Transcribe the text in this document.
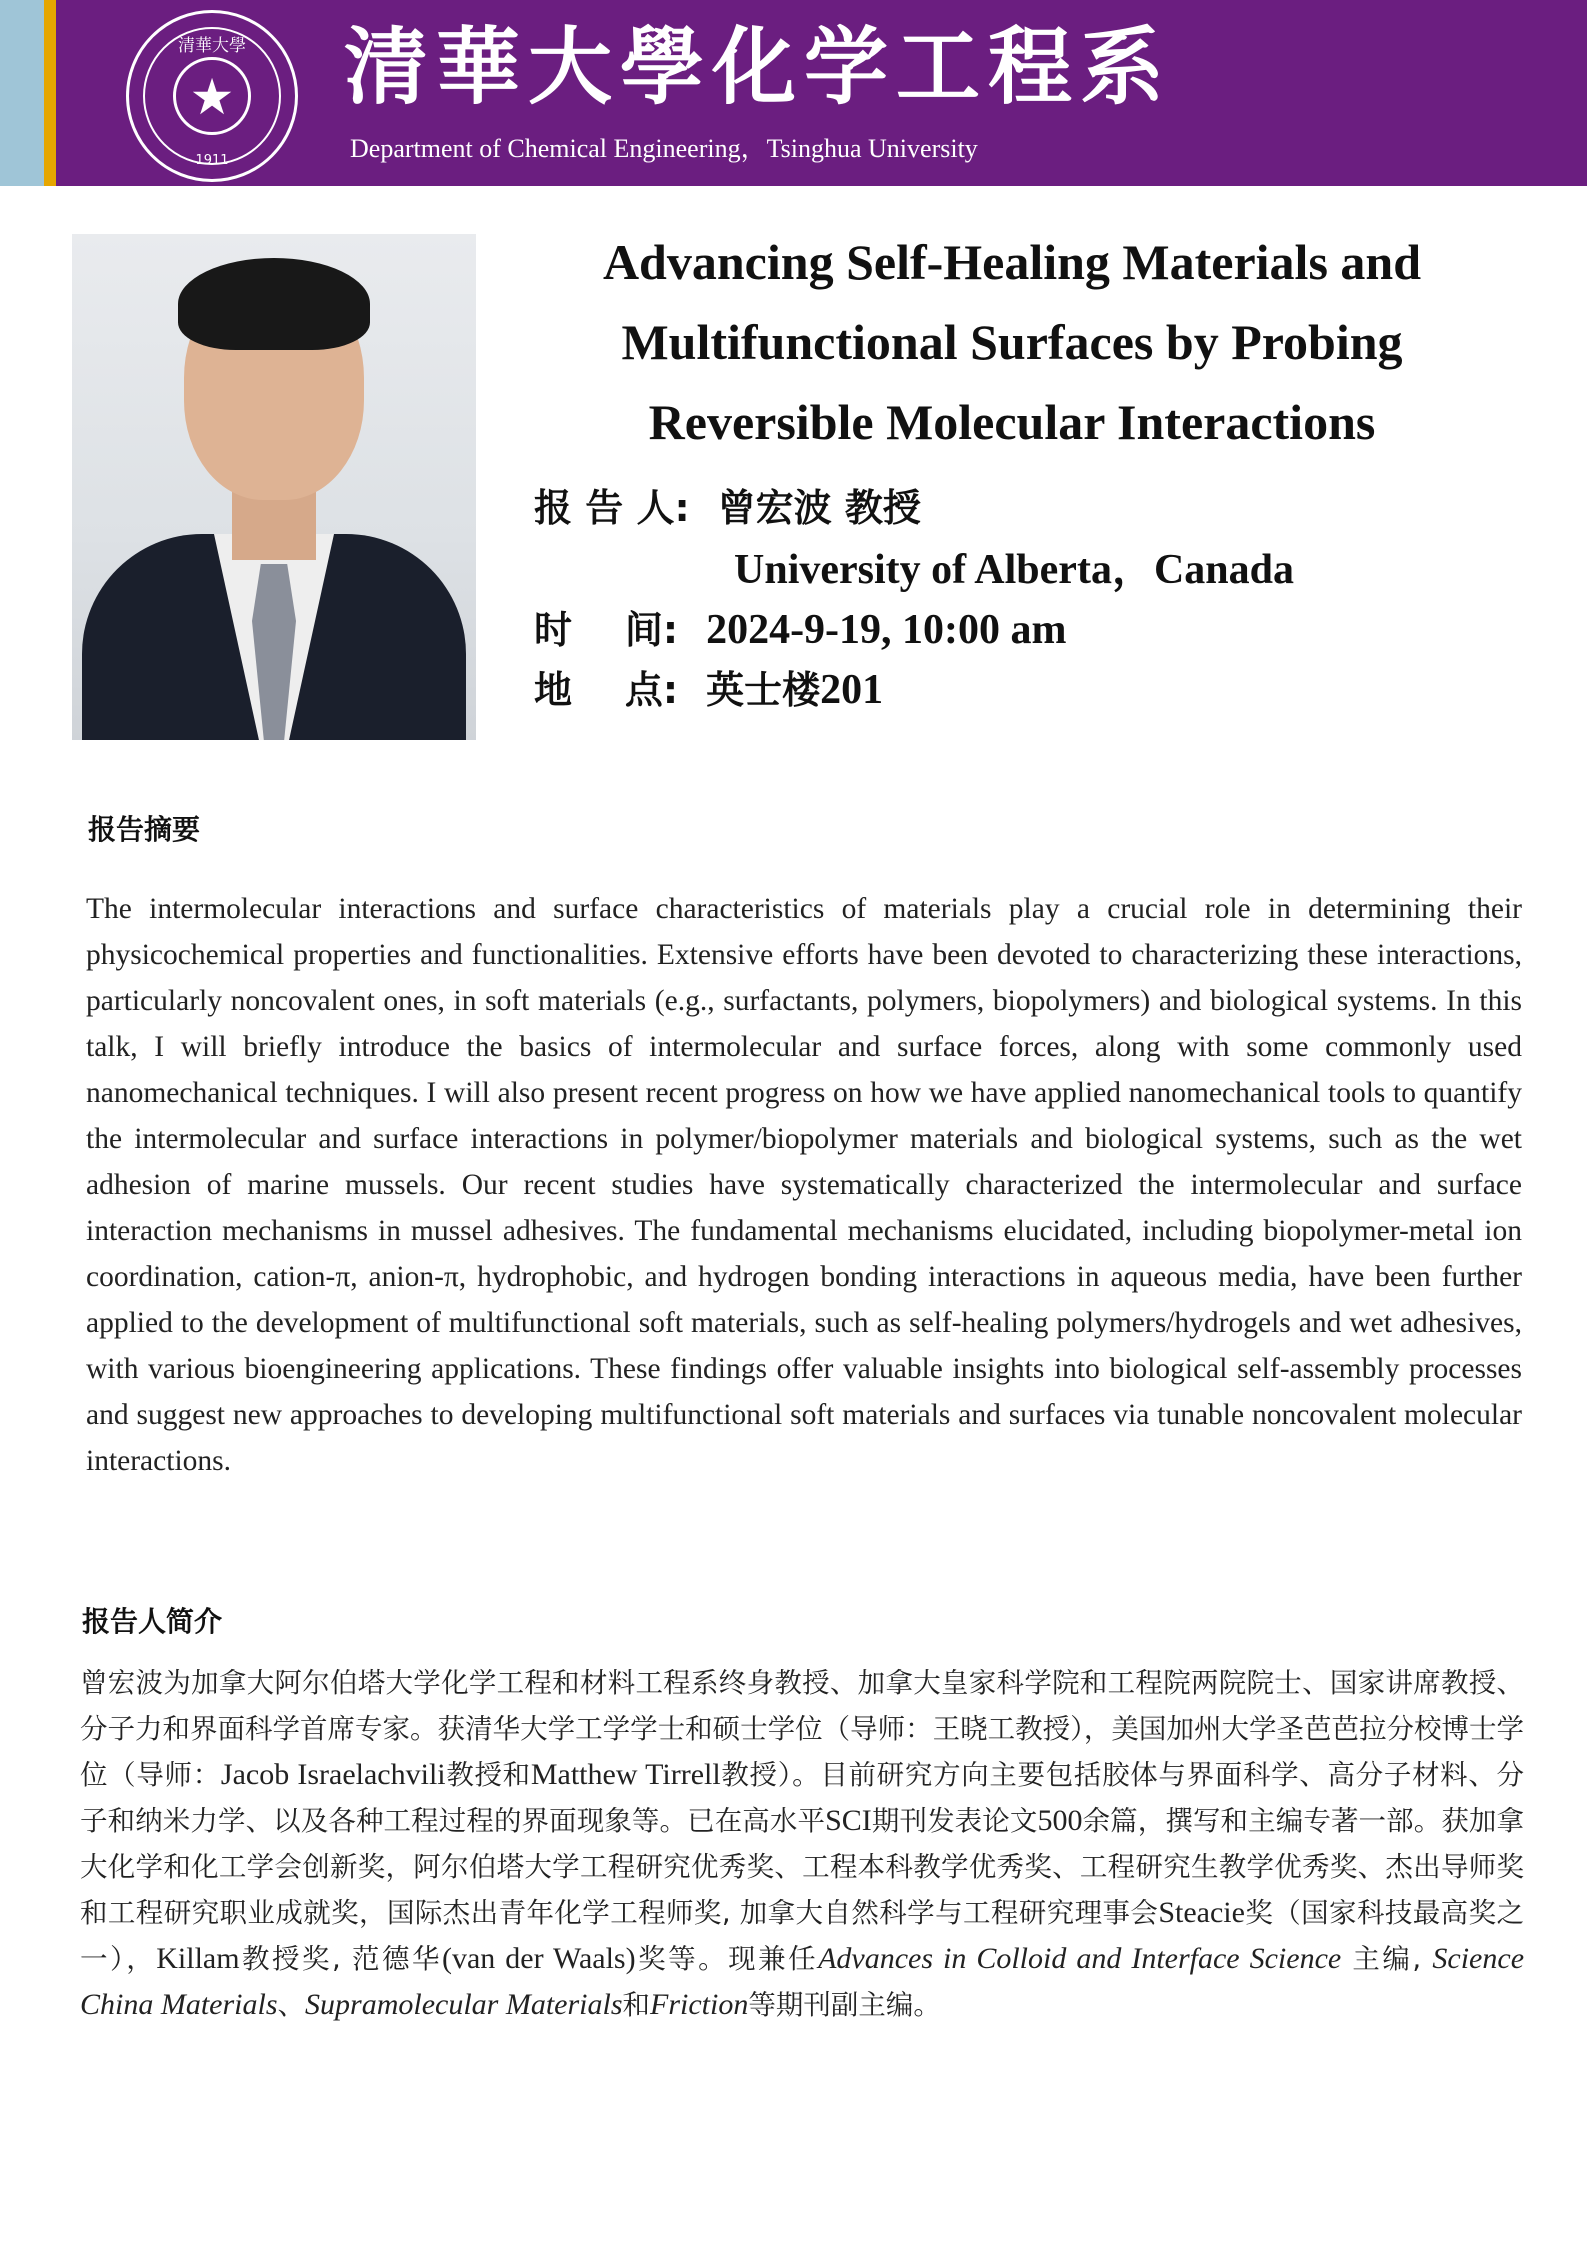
清華大學
★
1911
清華大學化学工程系
Department of Chemical Engineering，Tsinghua University
Advancing Self-Healing Materials and
Multifunctional Surfaces by Probing
Reversible Molecular Interactions
报 告 人: 曾宏波 教授
University of Alberta，Canada
时    间: 2024-9-19, 10:00 am
地    点: 英士楼201
报告摘要
The intermolecular interactions and surface characteristics of materials play a crucial role in determining their physicochemical properties and functionalities. Extensive efforts have been devoted to characterizing these interactions, particularly noncovalent ones, in soft materials (e.g., surfactants, polymers, biopolymers) and biological systems. In this talk, I will briefly introduce the basics of intermolecular and surface forces, along with some commonly used nanomechanical techniques. I will also present recent progress on how we have applied nanomechanical tools to quantify the intermolecular and surface interactions in polymer/biopolymer materials and biological systems, such as the wet adhesion of marine mussels. Our recent studies have systematically characterized the intermolecular and surface interaction mechanisms in mussel adhesives. The fundamental mechanisms elucidated, including biopolymer-metal ion coordination, cation-π, anion-π, hydrophobic, and hydrogen bonding interactions in aqueous media, have been further applied to the development of multifunctional soft materials, such as self-healing polymers/hydrogels and wet adhesives, with various bioengineering applications. These findings offer valuable insights into biological self-assembly processes and suggest new approaches to developing multifunctional soft materials and surfaces via tunable noncovalent molecular interactions.
报告人简介
曾宏波为加拿大阿尔伯塔大学化学工程和材料工程系终身教授、加拿大皇家科学院和工程院两院院士、国家讲席教授、分子力和界面科学首席专家。获清华大学工学学士和硕士学位（导师：王晓工教授），美国加州大学圣芭芭拉分校博士学位（导师：Jacob Israelachvili教授和Matthew Tirrell教授）。目前研究方向主要包括胶体与界面科学、高分子材料、分子和纳米力学、以及各种工程过程的界面现象等。已在高水平SCI期刊发表论文500余篇，撰写和主编专著一部。获加拿大化学和化工学会创新奖，阿尔伯塔大学工程研究优秀奖、工程本科教学优秀奖、工程研究生教学优秀奖、杰出导师奖和工程研究职业成就奖，国际杰出青年化学工程师奖, 加拿大自然科学与工程研究理事会Steacie奖（国家科技最高奖之一），Killam教授奖, 范德华(van der Waals)奖等。现兼任Advances in Colloid and Interface Science 主编, Science China Materials、Supramolecular Materials和Friction等期刊副主编。
